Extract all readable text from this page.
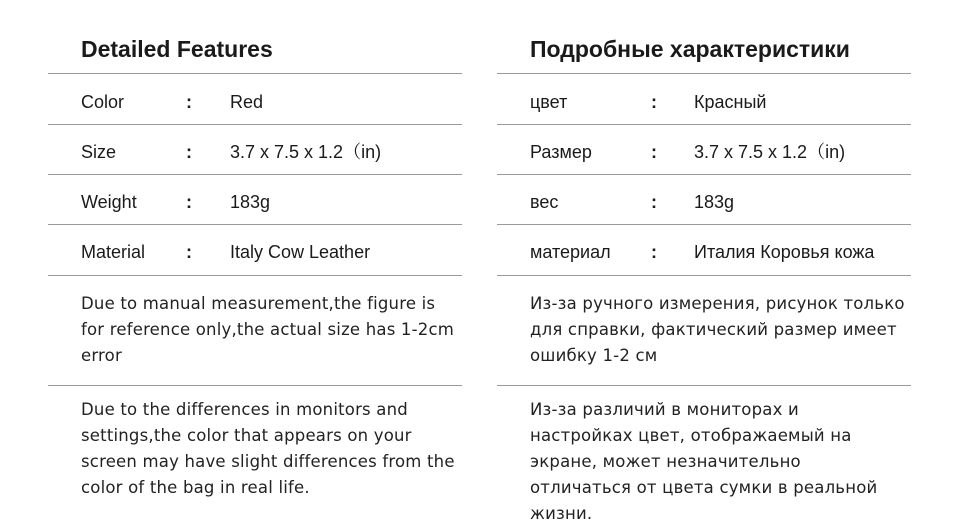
Detailed Features
Color	: Red
Size	: 3.7 x 7.5 x 1.2（in)
Weight	: 183g
Material : Italy Cow Leather
Due to manual measurement,the figure is for reference only,the actual size has 1-2cm error
Due to the differences in monitors and settings,the color that appears on your screen may have slight differences from the color of the bag in real life.
Подробные характеристики
цвет	: Красный
Размер	: 3.7 x 7.5 x 1.2（in)
вес	: 183g
материал : Италия Коровья кожа
Из-за ручного измерения, рисунок только для справки, фактический размер имеет ошибку 1-2 см
Из-за различий в мониторах и настройках цвет, отображаемый на экране, может незначительно отличаться от цвета сумки в реальной жизни.
